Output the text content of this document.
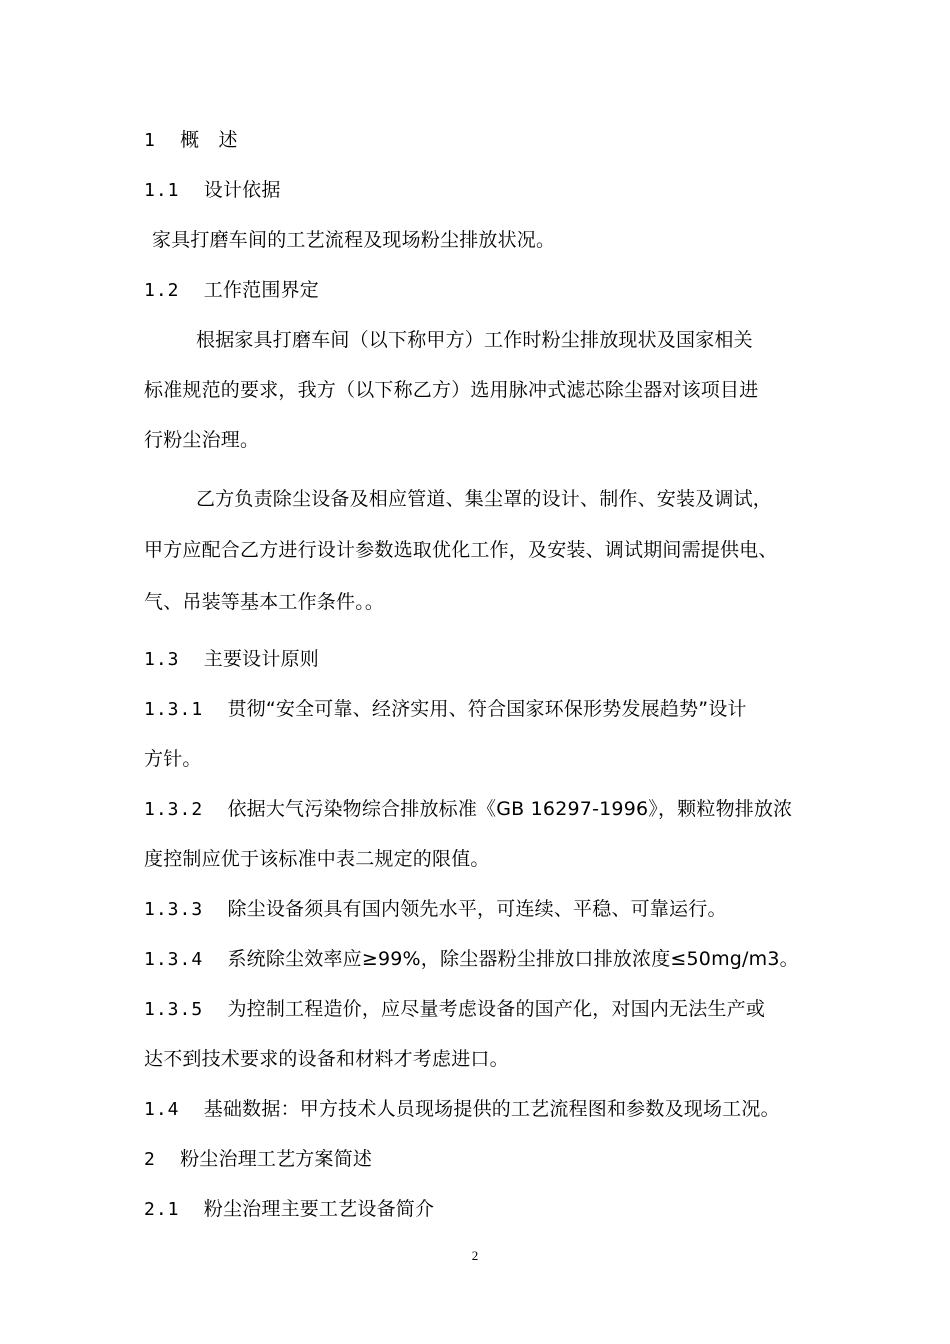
1 概　述
1.1 设计依据
家具打磨车间的工艺流程及现场粉尘排放状况。
1.2 工作范围界定
根据家具打磨车间（以下称甲方）工作时粉尘排放现状及国家相关
标准规范的要求，我方（以下称乙方）选用脉冲式滤芯除尘器对该项目进
行粉尘治理。
乙方负责除尘设备及相应管道、集尘罩的设计、制作、安装及调试，
甲方应配合乙方进行设计参数选取优化工作，及安装、调试期间需提供电、
气、吊装等基本工作条件。。
1.3 主要设计原则
1.3.1 贯彻“安全可靠、经济实用、符合国家环保形势发展趋势”设计
方针。
1.3.2 依据大气污染物综合排放标准《GB 16297-1996》，颗粒物排放浓
度控制应优于该标准中表二规定的限值。
1.3.3 除尘设备须具有国内领先水平，可连续、平稳、可靠运行。
1.3.4 系统除尘效率应≥99%，除尘器粉尘排放口排放浓度≤50mg/m3。
1.3.5 为控制工程造价，应尽量考虑设备的国产化，对国内无法生产或
达不到技术要求的设备和材料才考虑进口。
1.4 基础数据：甲方技术人员现场提供的工艺流程图和参数及现场工况。
2 粉尘治理工艺方案简述
2.1 粉尘治理主要工艺设备简介
2
